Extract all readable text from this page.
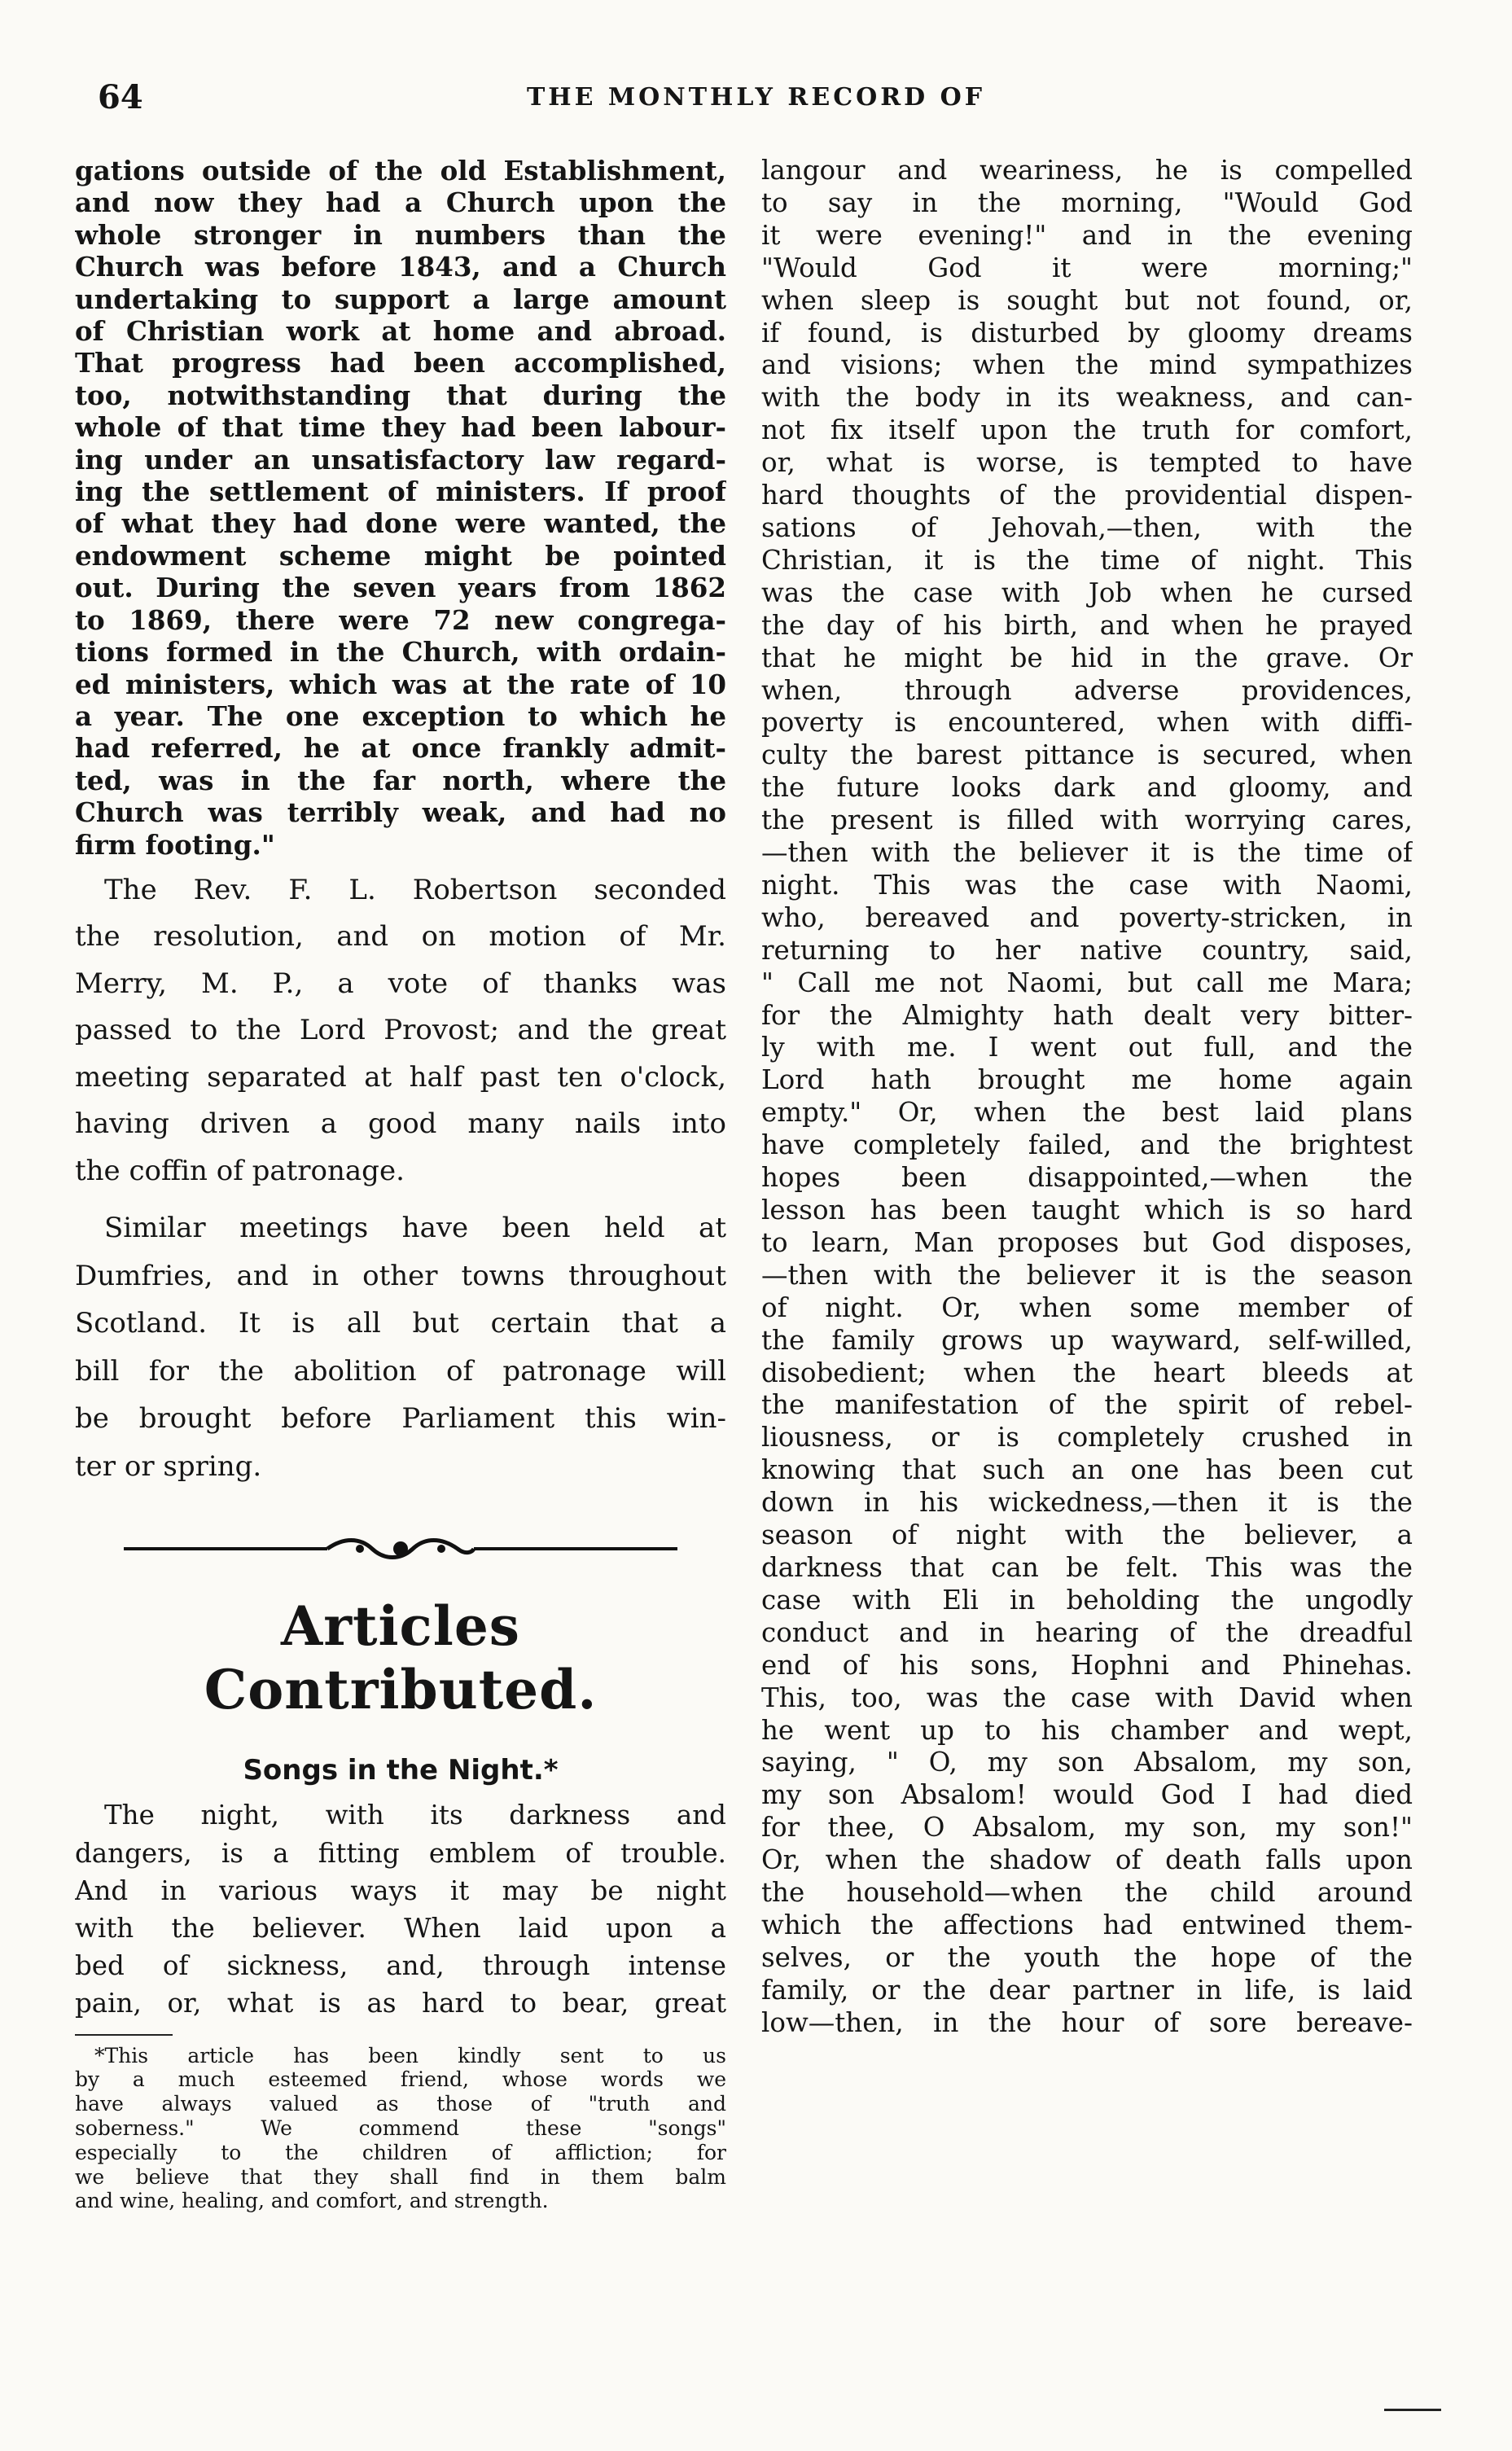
64	THE MONTHLY RECORD OF
gations outside of the old Establishment,
and now they had a Church upon the
whole stronger in numbers than the
Church was before 1843, and a Church
undertaking to support a large amount
of Christian work at home and abroad.
That progress had been accomplished,
too, notwithstanding that during the
whole of that time they had been labour-
ing under an unsatisfactory law regard-
ing the settlement of ministers. If proof
of what they had done were wanted, the
endowment scheme might be pointed
out. During the seven years from 1862
to 1869, there were 72 new congrega-
tions formed in the Church, with ordain-
ed ministers, which was at the rate of 10
a year. The one exception to which he
had referred, he at once frankly admit-
ted, was in the far north, where the
Church was terribly weak, and had no
firm footing."
The Rev. F. L. Robertson seconded
the resolution, and on motion of Mr.
Merry, M. P., a vote of thanks was
passed to the Lord Provost; and the great
meeting separated at half past ten o'clock,
having driven a good many nails into
the coffin of patronage.
Similar meetings have been held at
Dumfries, and in other towns throughout
Scotland. It is all but certain that a
bill for the abolition of patronage will
be brought before Parliament this win-
ter or spring.
Articles Contributed.
Songs in the Night.*
The night, with its darkness and
dangers, is a fitting emblem of trouble.
And in various ways it may be night
with the believer. When laid upon a
bed of sickness, and, through intense
pain, or, what is as hard to bear, great
*This article has been kindly sent to us
by a much esteemed friend, whose words we
have always valued as those of "truth and
soberness." We commend these "songs"
especially to the children of affliction; for
we believe that they shall find in them balm
and wine, healing, and comfort, and strength.
langour and weariness, he is compelled
to say in the morning, "Would God
it were evening!" and in the evening
"Would God it were morning;"
when sleep is sought but not found, or,
if found, is disturbed by gloomy dreams
and visions; when the mind sympathizes
with the body in its weakness, and can-
not fix itself upon the truth for comfort,
or, what is worse, is tempted to have
hard thoughts of the providential dispen-
sations of Jehovah,—then, with the
Christian, it is the time of night. This
was the case with Job when he cursed
the day of his birth, and when he prayed
that he might be hid in the grave. Or
when, through adverse providences,
poverty is encountered, when with diffi-
culty the barest pittance is secured, when
the future looks dark and gloomy, and
the present is filled with worrying cares,
—then with the believer it is the time of
night. This was the case with Naomi,
who, bereaved and poverty-stricken, in
returning to her native country, said,
" Call me not Naomi, but call me Mara;
for the Almighty hath dealt very bitter-
ly with me. I went out full, and the
Lord hath brought me home again
empty." Or, when the best laid plans
have completely failed, and the brightest
hopes been disappointed,—when the
lesson has been taught which is so hard
to learn, Man proposes but God disposes,
—then with the believer it is the season
of night. Or, when some member of
the family grows up wayward, self-willed,
disobedient; when the heart bleeds at
the manifestation of the spirit of rebel-
liousness, or is completely crushed in
knowing that such an one has been cut
down in his wickedness,—then it is the
season of night with the believer, a
darkness that can be felt. This was the
case with Eli in beholding the ungodly
conduct and in hearing of the dreadful
end of his sons, Hophni and Phinehas.
This, too, was the case with David when
he went up to his chamber and wept,
saying, " O, my son Absalom, my son,
my son Absalom! would God I had died
for thee, O Absalom, my son, my son!"
Or, when the shadow of death falls upon
the household—when the child around
which the affections had entwined them-
selves, or the youth the hope of the
family, or the dear partner in life, is laid
low—then, in the hour of sore bereave-
